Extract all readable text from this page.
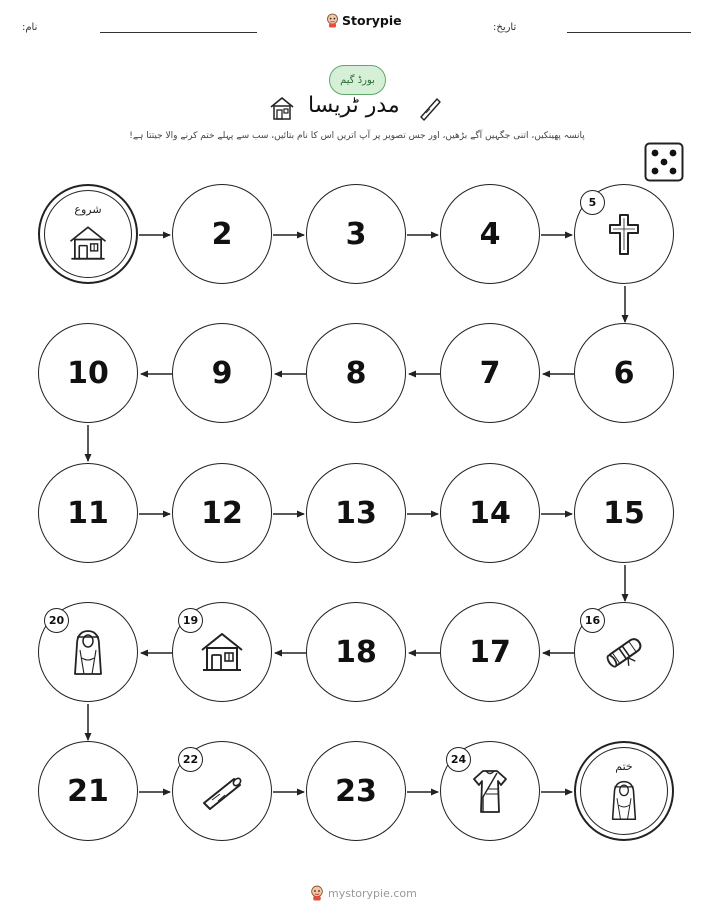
نام:	Storypie	تاریخ:
بورڈ گیم
مدر ٹریسا
پانسہ پھینکیں، اتنی جگہیں آگے بڑھیں، اور جس تصویر پر آپ اتریں اس کا نام بتائیں، سب سے پہلے ختم کرنے والا جیتتا ہے!
شروع
2	3	4
5
6
7
8
9
10
11	12	13	14	15
16
17
18
19
20
21
22
23
24
ختم
mystorypie.com
